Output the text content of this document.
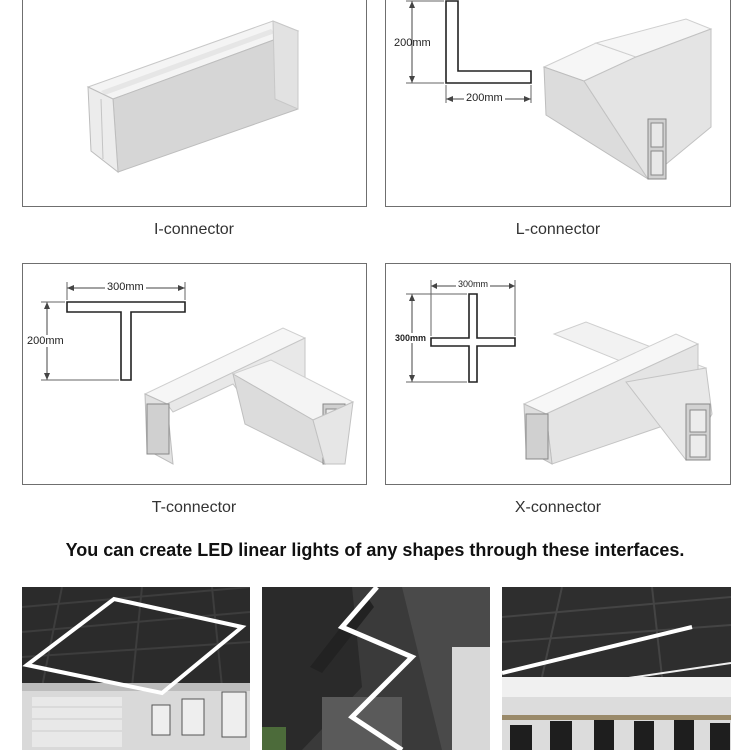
I-connector
200mm
200mm
L-connector
300mm
200mm
T-connector
300mm
300mm
X-connector
You can create LED linear lights of any shapes through these interfaces.
